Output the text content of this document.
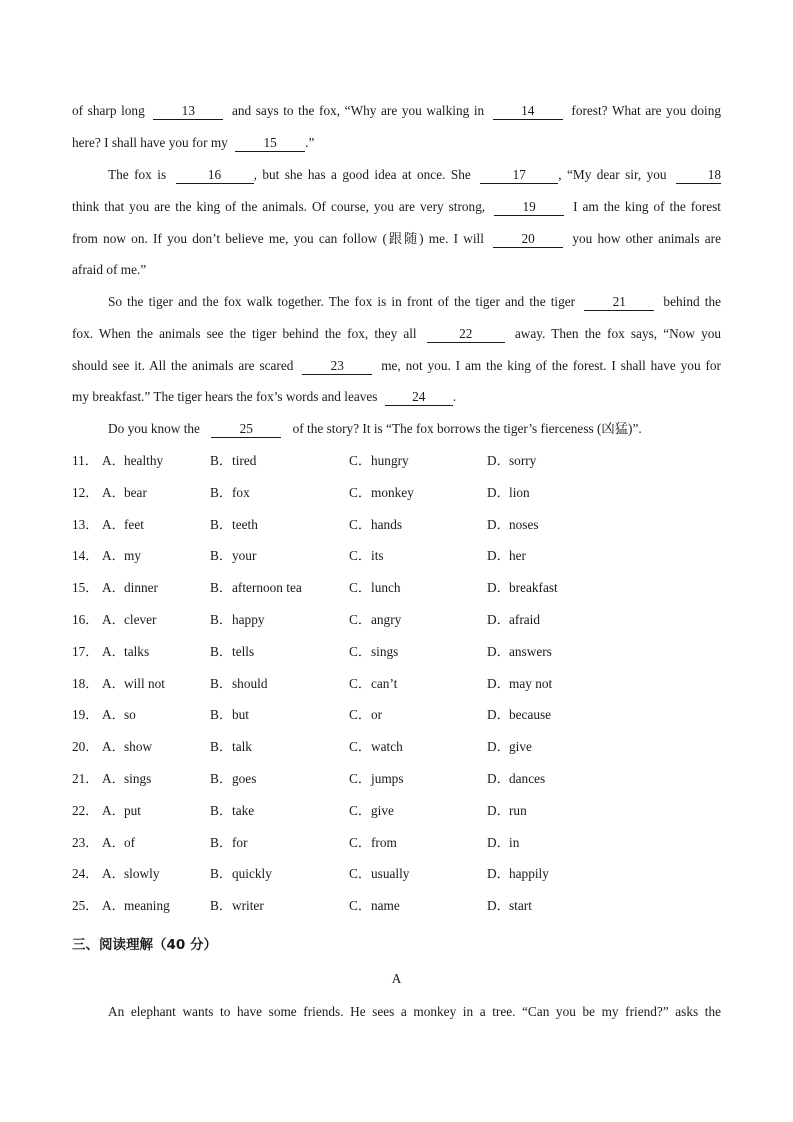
of sharp long	13	and says to the fox, “Why are you walking in	14	forest? What are you doing
here? I shall have you for my	15 .”
The fox is	16 , but she has a good idea at once. She	17 , “My dear sir, you	18
think that you are the king of the animals. Of course, you are very strong,	19	I am the king of the forest
from now on. If you don’t believe me, you can follow (跟随) me. I will	20	you how other animals are
afraid of me.”
So the tiger and the fox walk together. The fox is in front of the tiger and the tiger	21	behind the
fox. When the animals see the tiger behind the fox, they all	22	away. Then the fox says, “Now you
should see it. All the animals are scared	23	me, not you. I am the king of the forest. I shall have you for
my breakfast.” The tiger hears the fox’s words and leaves	24 .
Do you know the	25	of the story? It is “The fox borrows the tiger’s fierceness (凶猛)”.
11． A．healthy	B．tired	C．hungry	D．sorry
12． A．bear	B．fox	C．monkey	D．lion
13． A．feet	B．teeth	C．hands	D．noses
14． A．my	B．your	C．its	D．her
15． A．dinner	B．afternoon tea	C．lunch	D．breakfast
16． A．clever	B．happy	C．angry	D．afraid
17． A．talks	B．tells	C．sings	D．answers
18． A．will not	B．should	C．can’t	D．may not
19． A．so	B．but	C．or	D．because
20． A．show	B．talk	C．watch	D．give
21． A．sings	B．goes	C．jumps	D．dances
22． A．put	B．take	C．give	D．run
23． A．of	B．for	C．from	D．in
24． A．slowly	B．quickly	C．usually	D．happily
25． A．meaning	B．writer	C．name	D．start
三、阅读理解（40 分）
A
An elephant wants to have some friends. He sees a monkey in a tree. “Can you be my friend?” asks the
